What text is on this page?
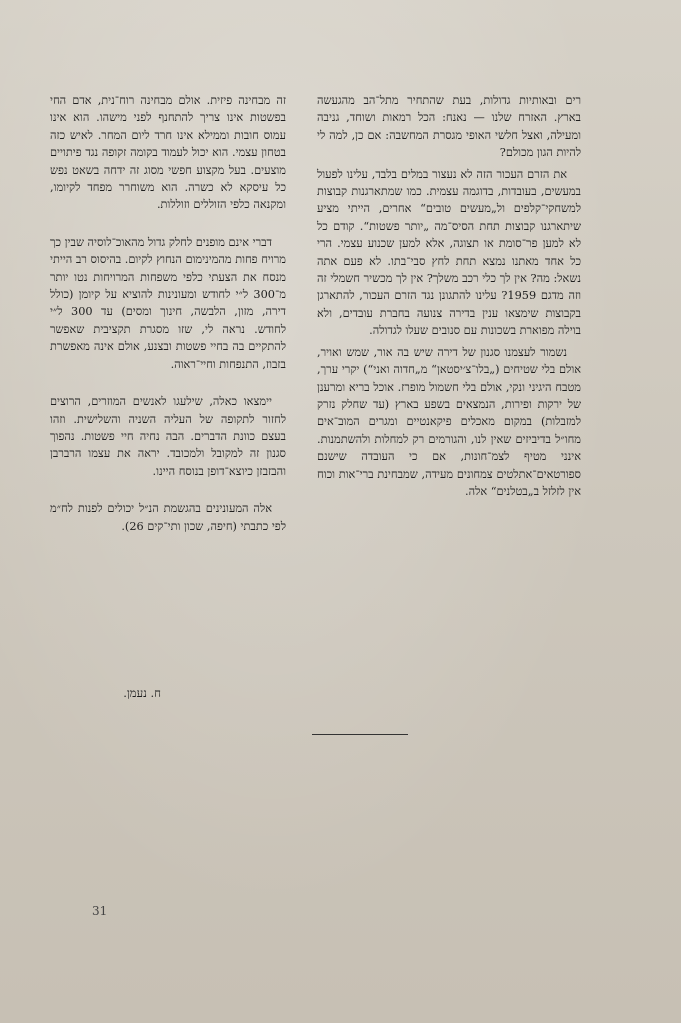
רים ובאותיות גדולות, בעת שהתחיר מתל־הב מהגעשה בארץ. האזרח שלנו — נאנח: הכל רמאות ושוחד, גניבה ומעילה, ואצל חלשי האופי מגסרת המחשבה: אם כן, למה לי להיות הגון מכולם?

את הזרם העכור הזה לא נעצור במלים בלבד, עלינו לפעול במעשים, בעובדות, בדוגמה עצמית. כמו שמתארגנות קבוצות למשחקי־קלפים ול„מעשים טובים“ אחרים, הייתי מציע שיתארגנו קבוצות תחת הסיס־מה „יותר פשטות“. קודם כל לא למען פר־סומת או תצוגה, אלא למען שכנוע עצמי. הרי כל אחד מאתנו נמצא תחת לחץ סבי־בתו. לא פעם אתה נשאל: מה? אין לך כלי רכב משלך? אין לך מכשיר חשמלי זה וזה מדגם 1959? עלינו להתגונן נגד הזרם העכור, להתארגן בקבוצות שימצאו ענין בדירה צנועה בחברת עובדים, ולא בוילה מפוארת בשכונות עם סנובים שעלו לגדולה.

נשמור לעצמנו סגנון של דירה שיש בה אור, שמש ואויר, אולם בלי שטיחים („בלו־צ׳יסטאן“ מ„חדוה ואני“) יקרי ערך, מטבח היגיני ונקי, אולם בלי חשמול מופרז. אוכל בריא ומרענן של ירקות ופירות, הנמצאים בשפע בארץ (עד שחלק נזרק למזבלות) במקום מאכלים פיקאנטיים ומגרים המוב־אים מחו״ל בדיביזים שאין לנו, והגורמים רק למחלות ולהשתמנות. אינני מטיף לצמ־חונות, אם כי העובדה שישנם ספורטאים־אתלטים צמחונים מעידה, שמבחינת ברי־אות וכוח אין לזלזל ב„בטלנים“ אלה.

זה מבחינה פיזית. אולם מבחינה רוח־נית, אדם החי בפשטות אינו צריך להתחנף לפני מישהו. הוא אינו עמוס חובות וממילא אינו חרד ליום המחר. לאיש כזה בטחון עצמי. הוא יכול לעמוד בקומה זקופה נגד פיתויים מוצעים. בעל מקצוע חפשי מסוג זה ידחה בשאט נפש כל עיסקא לא כשרה. הוא משוחרר מפחד לקיומו, ומקנאה כלפי הזוללים וזוללות.

דברי אינם מופנים לחלק גדול מהאוכ־לוסיה שבין כך מרויח פחות מהמינימום הנחוץ לקיום. בהיסוס רב הייתי מנסח את הצעתי כלפי משפחות המרויחות נטו יותר מ־300 ל״י לחודש ומעונינות להוציא על קיומן (כולל דירה, מזון, הלבשה, חינוך ומסים) עד 300 ל״י לחודש. נראה לי, שזו מסגרת תקציבית שאפשר להתקיים בה בחיי פשטות ובצנע, אולם אינה מאפשרת בזבוז, התנפחות וחיי־ראוה.

יימצאו כאלה, שילעגו לאנשים המוזרים, הרוצים לחזור לתקופה של העליה השניה והשלישית. וזהו בעצם כוונת הדברים. הבה נחיה חיי פשטות. נהפוך סגנון זה למקובל ולמכובד. יראה את עצמו הרברבן והבזבזן כיוצא־דופן בנוסח היינו.

אלה המעונינים בהגשמת הנ״ל יכולים לפנות לח״מ לפי כתבתי (חיפה, שכון ותי־קים 26).

ח. נעמן.
31
